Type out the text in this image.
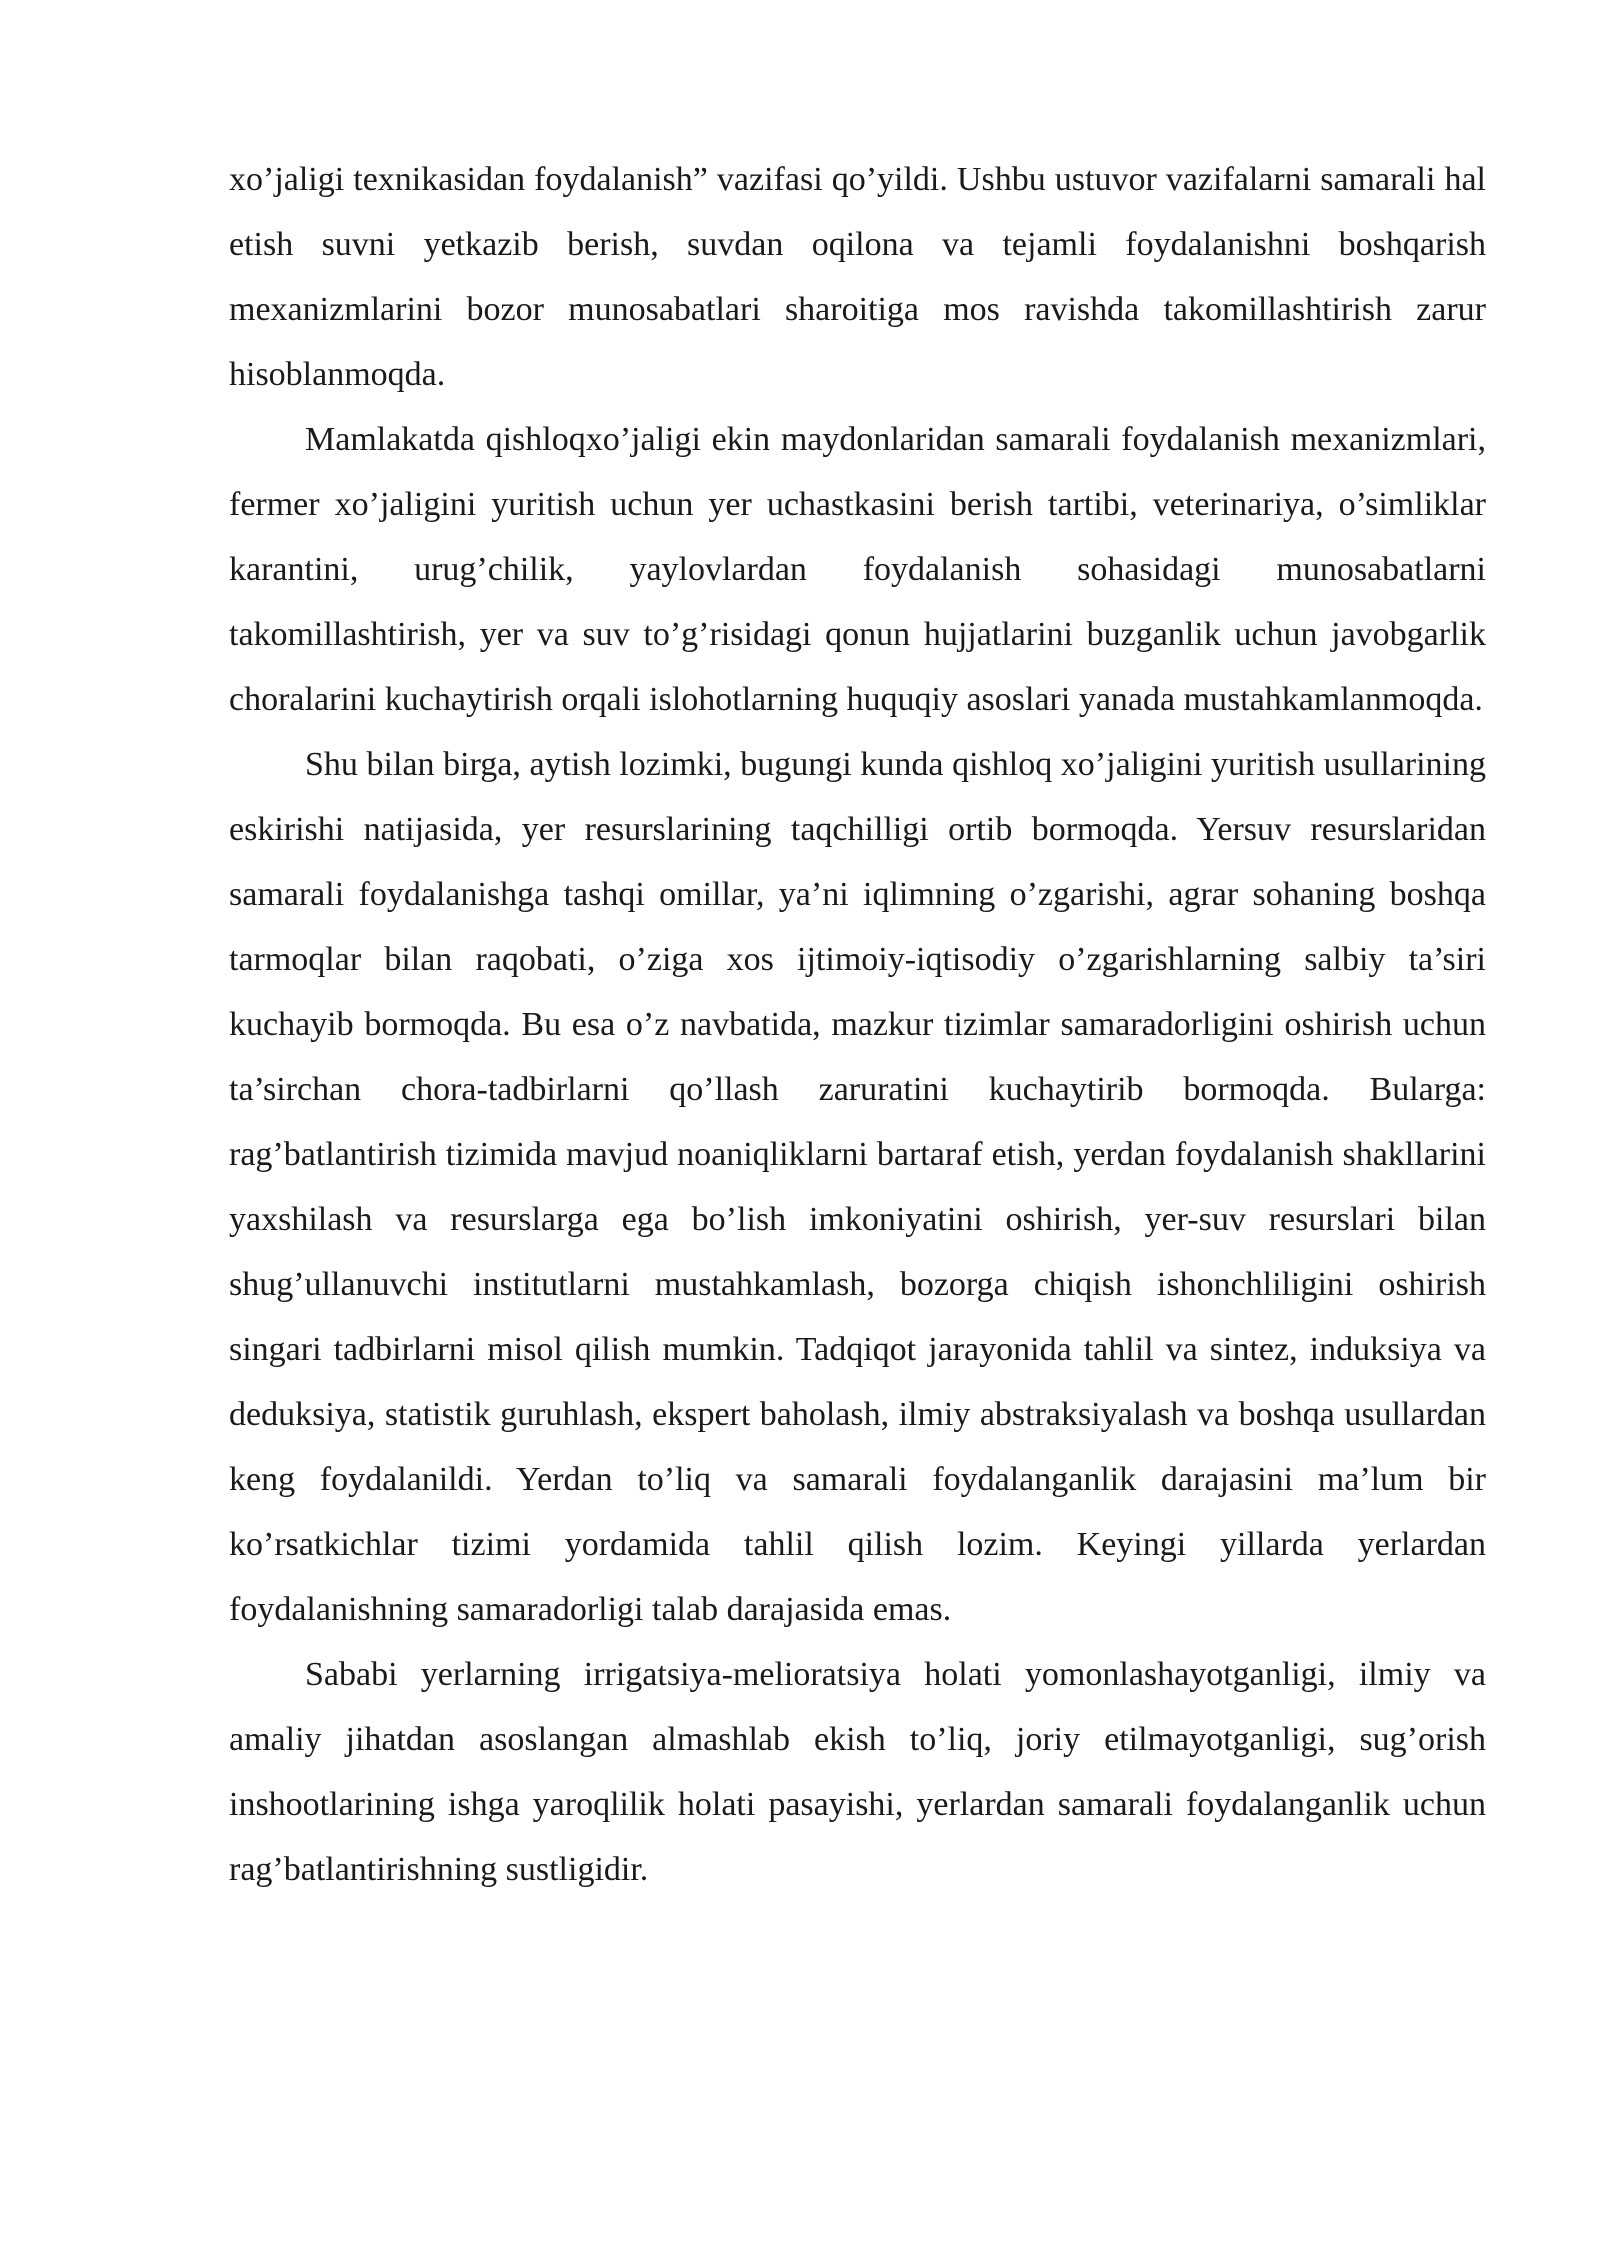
xo’jaligi texnikasidan foydalanish” vazifasi qo’yildi. Ushbu ustuvor vazifalarni samarali hal etish suvni yetkazib berish, suvdan oqilona va tejamli foydalanishni boshqarish mexanizmlarini bozor munosabatlari sharoitiga mos ravishda takomillashtirish zarur hisoblanmoqda.

Mamlakatda qishloqxo’jaligi ekin maydonlaridan samarali foydalanish mexanizmlari, fermer xo’jaligini yuritish uchun yer uchastkasini berish tartibi, veterinariya, o’simliklar karantini, urug’chilik, yaylovlardan foydalanish sohasidagi munosabatlarni takomillashtirish, yer va suv to’g’risidagi qonun hujjatlarini buzganlik uchun javobgarlik choralarini kuchaytirish orqali islohotlarning huquqiy asoslari yanada mustahkamlanmoqda.

Shu bilan birga, aytish lozimki, bugungi kunda qishloq xo’jaligini yuritish usullarining eskirishi natijasida, yer resurslarining taqchilligi ortib bormoqda. Yersuv resurslaridan samarali foydalanishga tashqi omillar, ya’ni iqlimning o’zgarishi, agrar sohaning boshqa tarmoqlar bilan raqobati, o’ziga xos ijtimoiy-iqtisodiy o’zgarishlarning salbiy ta’siri kuchayib bormoqda. Bu esa o’z navbatida, mazkur tizimlar samaradorligini oshirish uchun ta’sirchan chora-tadbirlarni qo’llash zaruratini kuchaytirib bormoqda. Bularga: rag’batlantirish tizimida mavjud noaniqliklarni bartaraf etish, yerdan foydalanish shakllarini yaxshilash va resurslarga ega bo’lish imkoniyatini oshirish, yer-suv resurslari bilan shug’ullanuvchi institutlarni mustahkamlash, bozorga chiqish ishonchliligini oshirish singari tadbirlarni misol qilish mumkin. Tadqiqot jarayonida tahlil va sintez, induksiya va deduksiya, statistik guruhlash, ekspert baholash, ilmiy abstraksiyalash va boshqa usullardan keng foydalanildi. Yerdan to’liq va samarali foydalanganlik darajasini ma’lum bir ko’rsatkichlar tizimi yordamida tahlil qilish lozim. Keyingi yillarda yerlardan foydalanishning samaradorligi talab darajasida emas.

Sababi yerlarning irrigatsiya-melioratsiya holati yomonlashayotganligi, ilmiy va amaliy jihatdan asoslangan almashlab ekish to’liq, joriy etilmayotganligi, sug’orish inshootlarining ishga yaroqlilik holati pasayishi, yerlardan samarali foydalanganlik uchun rag’batlantirishning sustligidir.
